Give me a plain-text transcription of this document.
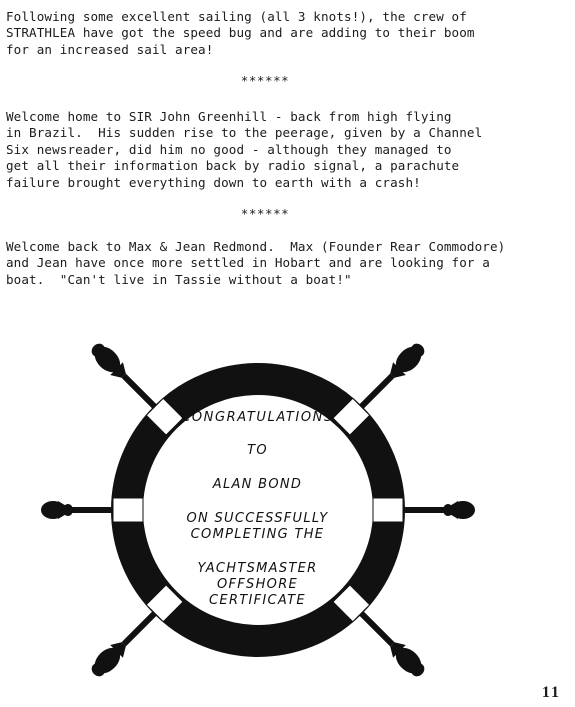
Following some excellent sailing (all 3 knots!), the crew of
STRATHLEA have got the speed bug and are adding to their boom
for an increased sail area!

******

Welcome home to SIR John Greenhill - back from high flying
in Brazil.  His sudden rise to the peerage, given by a Channel
Six newsreader, did him no good - although they managed to
get all their information back by radio signal, a parachute
failure brought everything down to earth with a crash!

******

Welcome back to Max & Jean Redmond.  Max (Founder Rear Commodore)
and Jean have once more settled in Hobart and are looking for a
boat.  "Can't live in Tassie without a boat!"

CONGRATULATIONS
TO
ALAN BOND
ON SUCCESSFULLY
COMPLETING THE
YACHTSMASTER
OFFSHORE
CERTIFICATE
11
